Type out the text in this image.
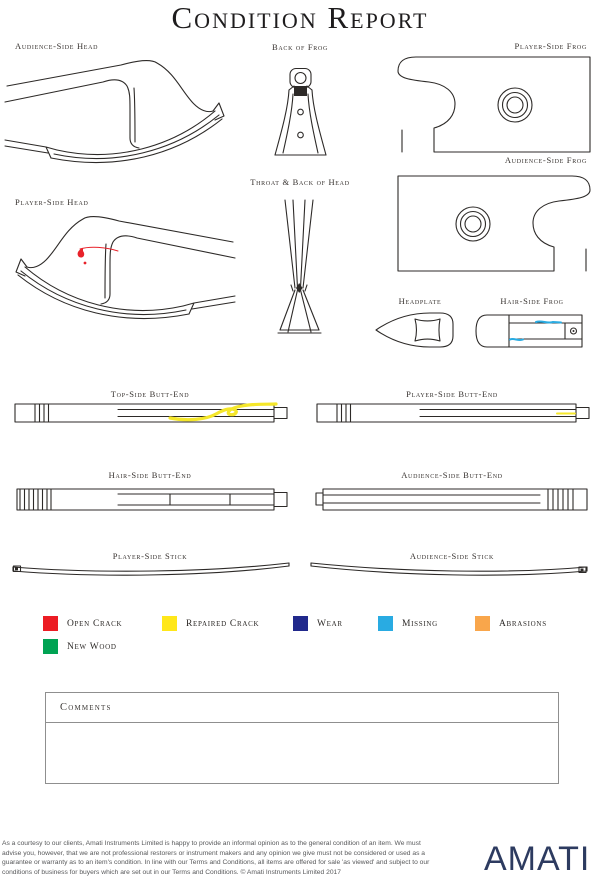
Condition Report
Audience-Side Head	Back of Frog	Player-Side Frog
Audience-Side Frog
Player-Side Head
Throat & Back of Head
Headplate	Hair-Side Frog
Top-Side Butt-End	Player-Side Butt-End
Hair-Side Butt-End	Audience-Side Butt-End
Player-Side Stick	Audience-Side Stick
Open Crack	Repaired Crack	Wear	Missing	Abrasions
New Wood
Comments

As a courtesy to our clients, Amati Instruments Limited is happy to provide an informal opinion as to the general condition of an item. We must advise you, however, that we are not professional restorers or instrument makers and any opinion we give must not be considered or used as a guarantee or warranty as to an item's condition. In line with our Terms and Conditions, all items are offered for sale 'as viewed' and subject to our conditions of business for buyers which are set out in our Terms and Conditions. © Amati Instruments Limited 2017	AMATI
